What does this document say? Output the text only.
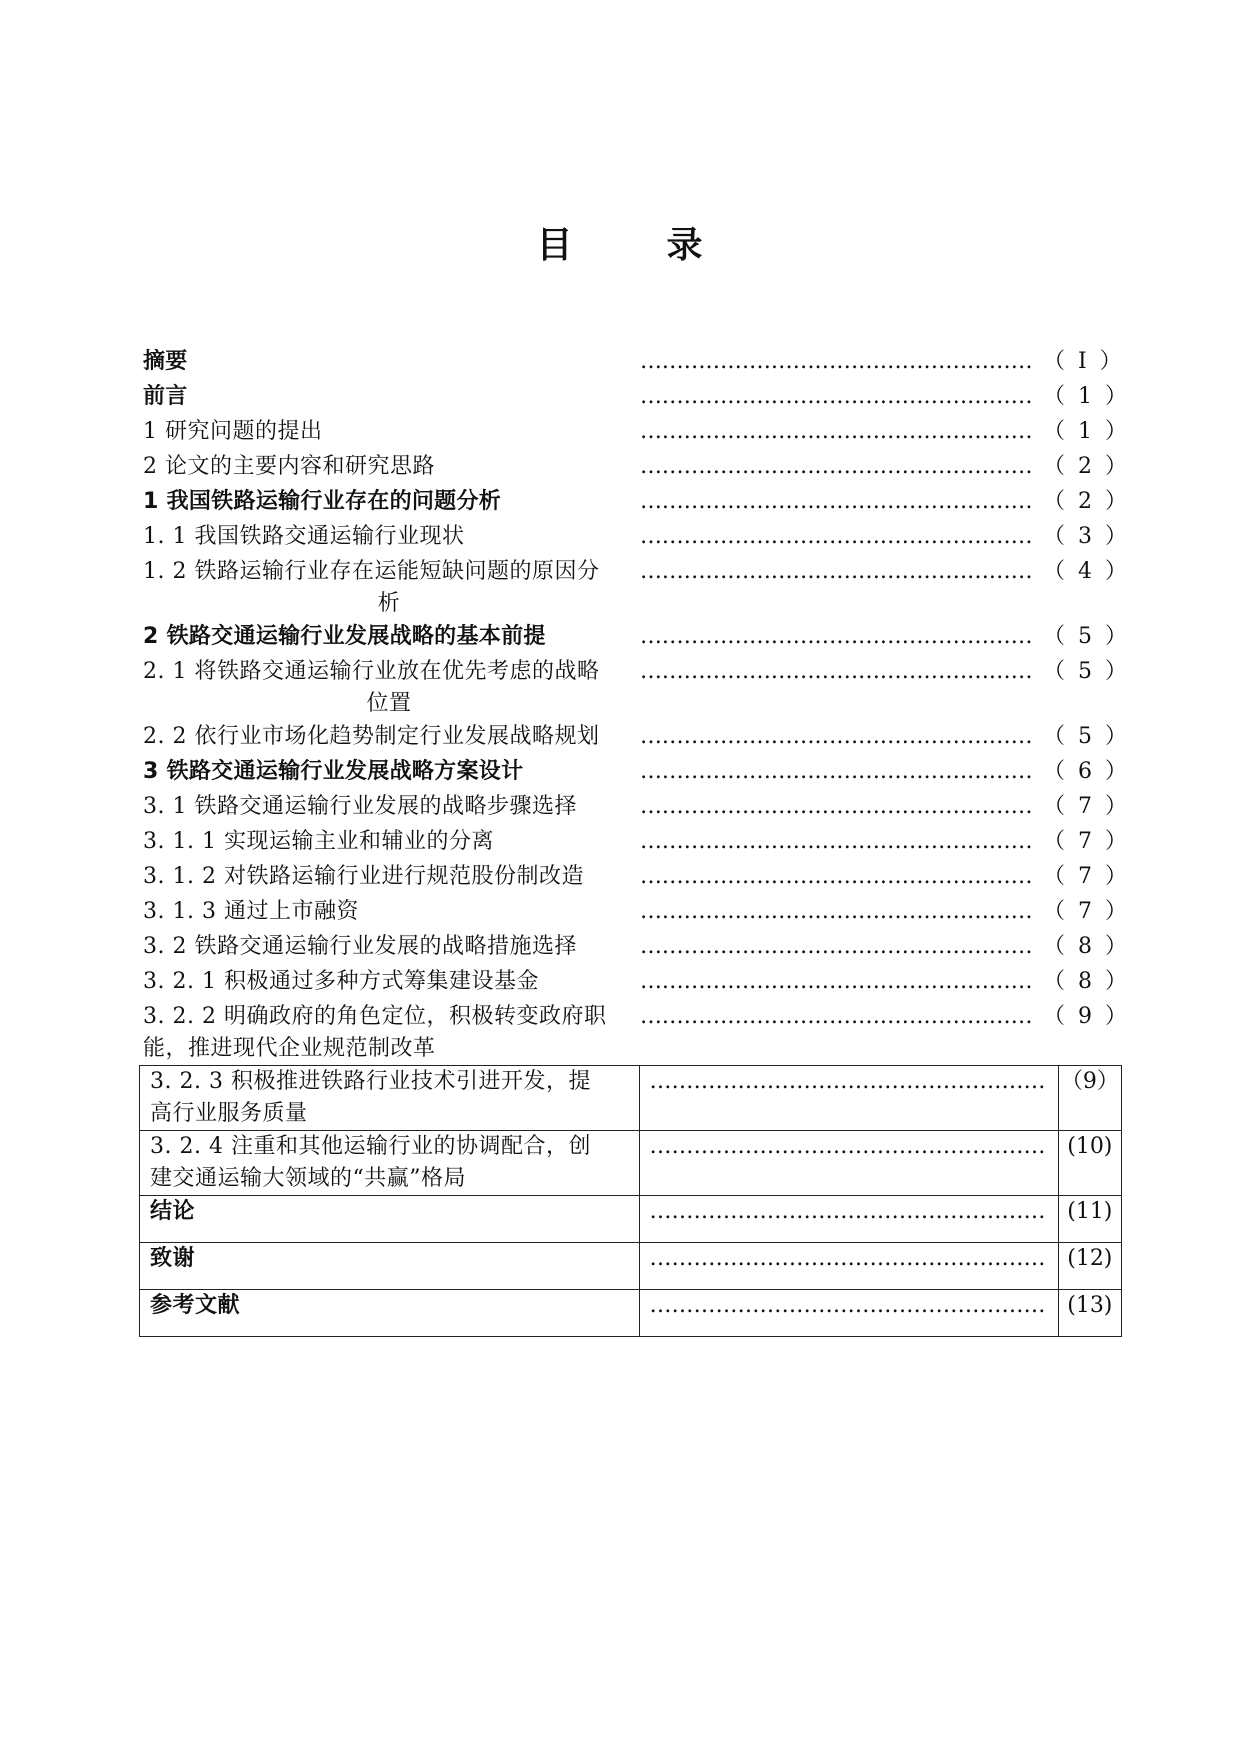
目	录
摘要	……………………………………………… （ Ⅰ ）
前言	……………………………………………… （ 1 ）
1 研究问题的提出	……………………………………………… （ 1 ）
2 论文的主要内容和研究思路	……………………………………………… （ 2 ）
1 我国铁路运输行业存在的问题分析	……………………………………………… （ 2 ）
1. 1 我国铁路交通运输行业现状	……………………………………………… （ 3 ）
1. 2 铁路运输行业存在运能短缺问题的原因分
析
……………………………………………… （ 4 ）
2 铁路交通运输行业发展战略的基本前提	……………………………………………… （ 5 ）
2. 1 将铁路交通运输行业放在优先考虑的战略
位置
……………………………………………… （ 5 ）
2. 2 依行业市场化趋势制定行业发展战略规划	……………………………………………… （ 5 ）
3 铁路交通运输行业发展战略方案设计	……………………………………………… （ 6 ）
3. 1 铁路交通运输行业发展的战略步骤选择	……………………………………………… （ 7 ）
3. 1. 1 实现运输主业和辅业的分离	……………………………………………… （ 7 ）
3. 1. 2 对铁路运输行业进行规范股份制改造	……………………………………………… （ 7 ）
3. 1. 3 通过上市融资	……………………………………………… （ 7 ）
3. 2 铁路交通运输行业发展的战略措施选择	……………………………………………… （ 8 ）
3. 2. 1 积极通过多种方式筹集建设基金	……………………………………………… （ 8 ）
3. 2. 2 明确政府的角色定位，积极转变政府职
能，推进现代企业规范制改革
……………………………………………… （ 9 ）
3. 2. 3 积极推进铁路行业技术引进开发，提
高行业服务质量	………………………………………………	（9）
3. 2. 4 注重和其他运输行业的协调配合，创
建交通运输大领域的“共赢”格局	………………………………………………	(10)
结论	………………………………………………	(11)
致谢	………………………………………………	(12)
参考文献	………………………………………………	(13)
